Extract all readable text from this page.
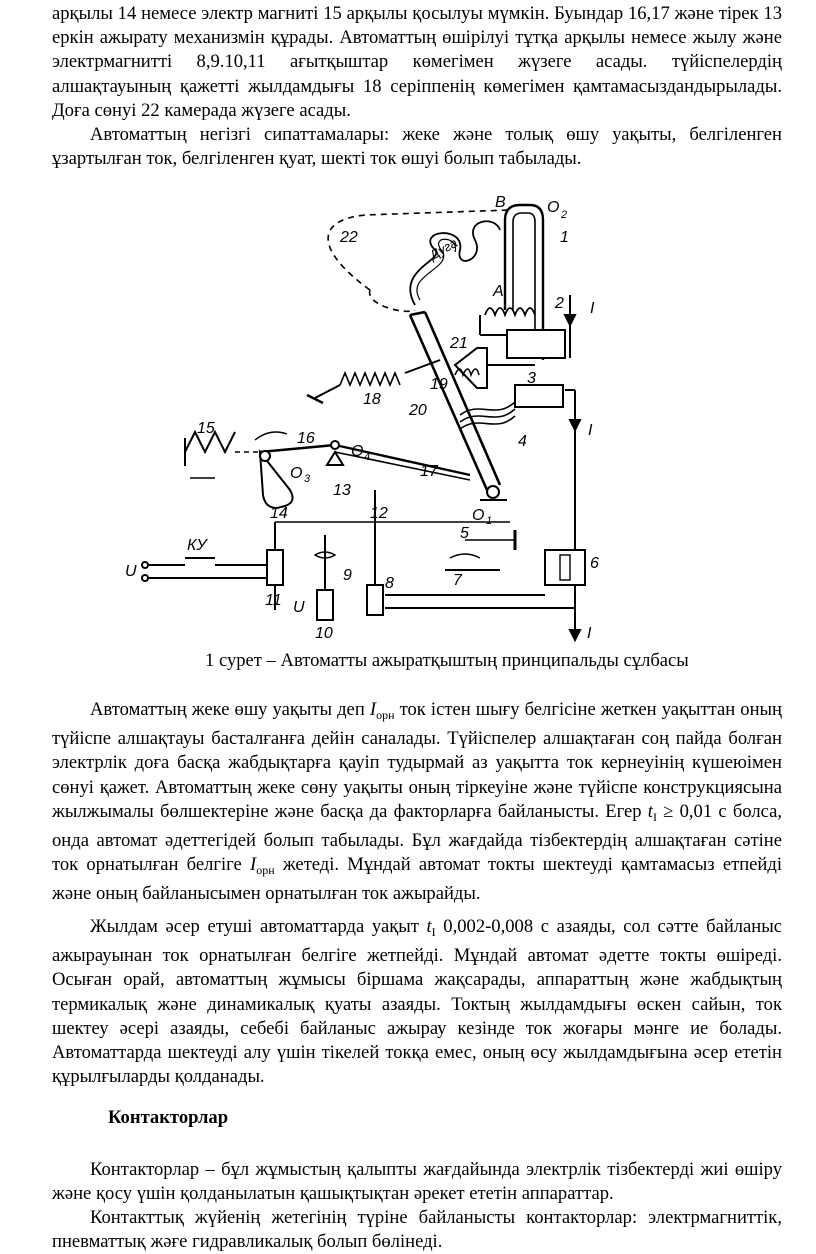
арқылы 14 немесе электр магниті 15 арқылы қосылуы мүмкін. Буындар 16,17 және тірек 13 еркін ажырату механизмін құрады. Автоматтың өшірілуі тұтқа арқылы немесе жылу және электрмагнитті 8,9.10,11 ағытқыштар көмегімен жүзеге асады. түйіспелердің алшақтауының қажетті жылдамдығы 18 серіппенің көмегімен қамтамасыздандырылады. Доға сөнуі 22 камерада жүзеге асады.

Автоматтың негізгі сипаттамалары: жеке және толық өшу уақыты, белгіленген ұзартылған ток, белгіленген қуат, шекті ток өшуі болып табылады.

22	Дуга
B	O 2
A
1
2 I
21
3
19
18
20
4
I
16
15
O 4
O 3	17
13
O 1
14	12
5
КУ
U	6
9	7
11
8
U
10	I
1 сурет – Автоматты ажыратқыштың принципальды сұлбасы

Автоматтың жеке өшу уақыты деп $I_{орн}$ ток істен шығу белгісіне жеткен уақыттан оның түйіспе алшақтауы басталғанға дейін саналады. Түйіспелер алшақтаған соң пайда болған электрлік доға басқа жабдықтарға қауіп тудырмай аз уақытта ток кернеуінің күшеюімен сөнуі қажет. Автоматтың жеке сөну уақыты оның тіркеуіне және түйіспе конструкциясына жылжымалы бөлшектеріне және басқа да факторларға байланысты. Егер $t_I \ge 0,01$ с болса, онда автомат әдеттегідей болып табылады. Бұл жағдайда тізбектердің алшақтаған сәтіне ток орнатылған белгіге $I_{орн}$ жетеді. Мұндай автомат токты шектеуді қамтамасыз етпейді және оның байланысымен орнатылған ток ажырайды.

Жылдам әсер етуші автоматтарда уақыт $t_I$ 0,002-0,008 с азаяды, сол сәтте байланыс ажырауынан ток орнатылған белгіге жетпейді. Мұндай автомат әдетте токты өшіреді. Осыған орай, автоматтың жұмысы біршама жақсарады, аппараттың және жабдықтың термикалық және динамикалық қуаты азаяды. Токтың жылдамдығы өскен сайын, ток шектеу әсері азаяды, себебі байланыс ажырау кезінде ток жоғары мәнге ие болады. Автоматтарда шектеуді алу үшін тікелей токқа емес, оның өсу жылдамдығына әсер ететін құрылғыларды қолданады.

Контакторлар

Контакторлар – бұл жұмыстың қалыпты жағдайында электрлік тізбектерді жиі өшіру және қосу үшін қолданылатын қашықтықтан әрекет ететін аппараттар.

Контакттық жүйенің жетегінің түріне байланысты контакторлар: электрмагниттік, пневматтық жәғе гидравликалық болып бөлінеді.
